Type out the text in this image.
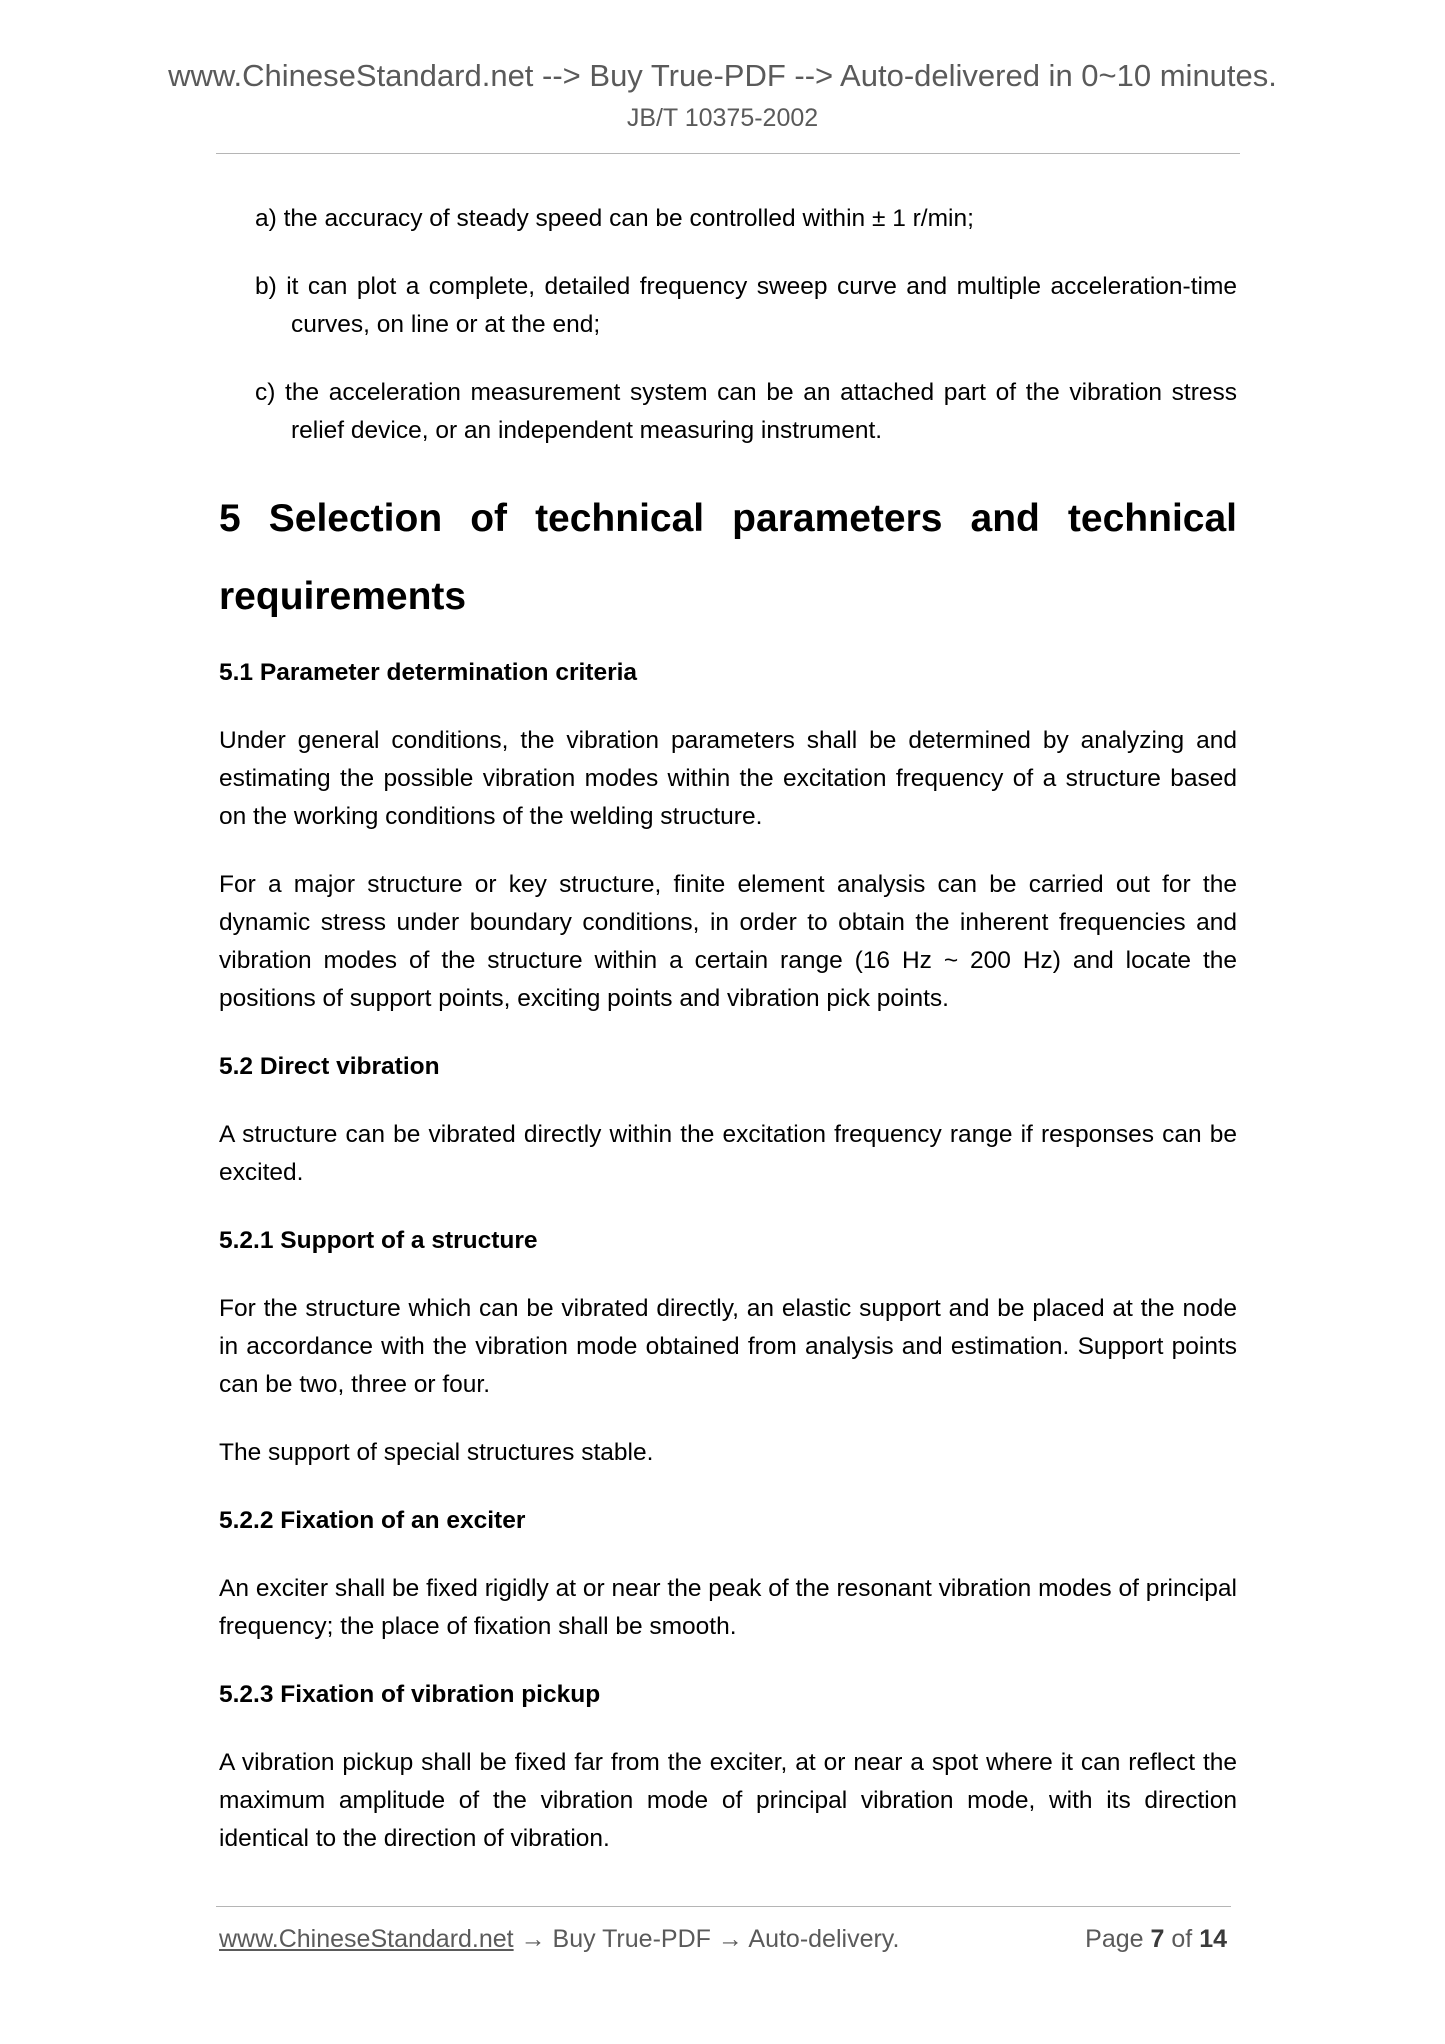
www.ChineseStandard.net --> Buy True-PDF --> Auto-delivered in 0~10 minutes.
JB/T 10375-2002

a) the accuracy of steady speed can be controlled within ± 1 r/min;

b) it can plot a complete, detailed frequency sweep curve and multiple acceleration-time curves, on line or at the end;

c) the acceleration measurement system can be an attached part of the vibration stress relief device, or an independent measuring instrument.

5 Selection of technical parameters and technical requirements
5.1 Parameter determination criteria

Under general conditions, the vibration parameters shall be determined by analyzing and estimating the possible vibration modes within the excitation frequency of a structure based on the working conditions of the welding structure.

For a major structure or key structure, finite element analysis can be carried out for the dynamic stress under boundary conditions, in order to obtain the inherent frequencies and vibration modes of the structure within a certain range (16 Hz ~ 200 Hz) and locate the positions of support points, exciting points and vibration pick points.

5.2 Direct vibration

A structure can be vibrated directly within the excitation frequency range if responses can be excited.

5.2.1 Support of a structure

For the structure which can be vibrated directly, an elastic support and be placed at the node in accordance with the vibration mode obtained from analysis and estimation. Support points can be two, three or four.

The support of special structures stable.

5.2.2 Fixation of an exciter

An exciter shall be fixed rigidly at or near the peak of the resonant vibration modes of principal frequency; the place of fixation shall be smooth.

5.2.3 Fixation of vibration pickup

A vibration pickup shall be fixed far from the exciter, at or near a spot where it can reflect the maximum amplitude of the vibration mode of principal vibration mode, with its direction identical to the direction of vibration.

www.ChineseStandard.net → Buy True-PDF → Auto-delivery.	Page 7 of 14
